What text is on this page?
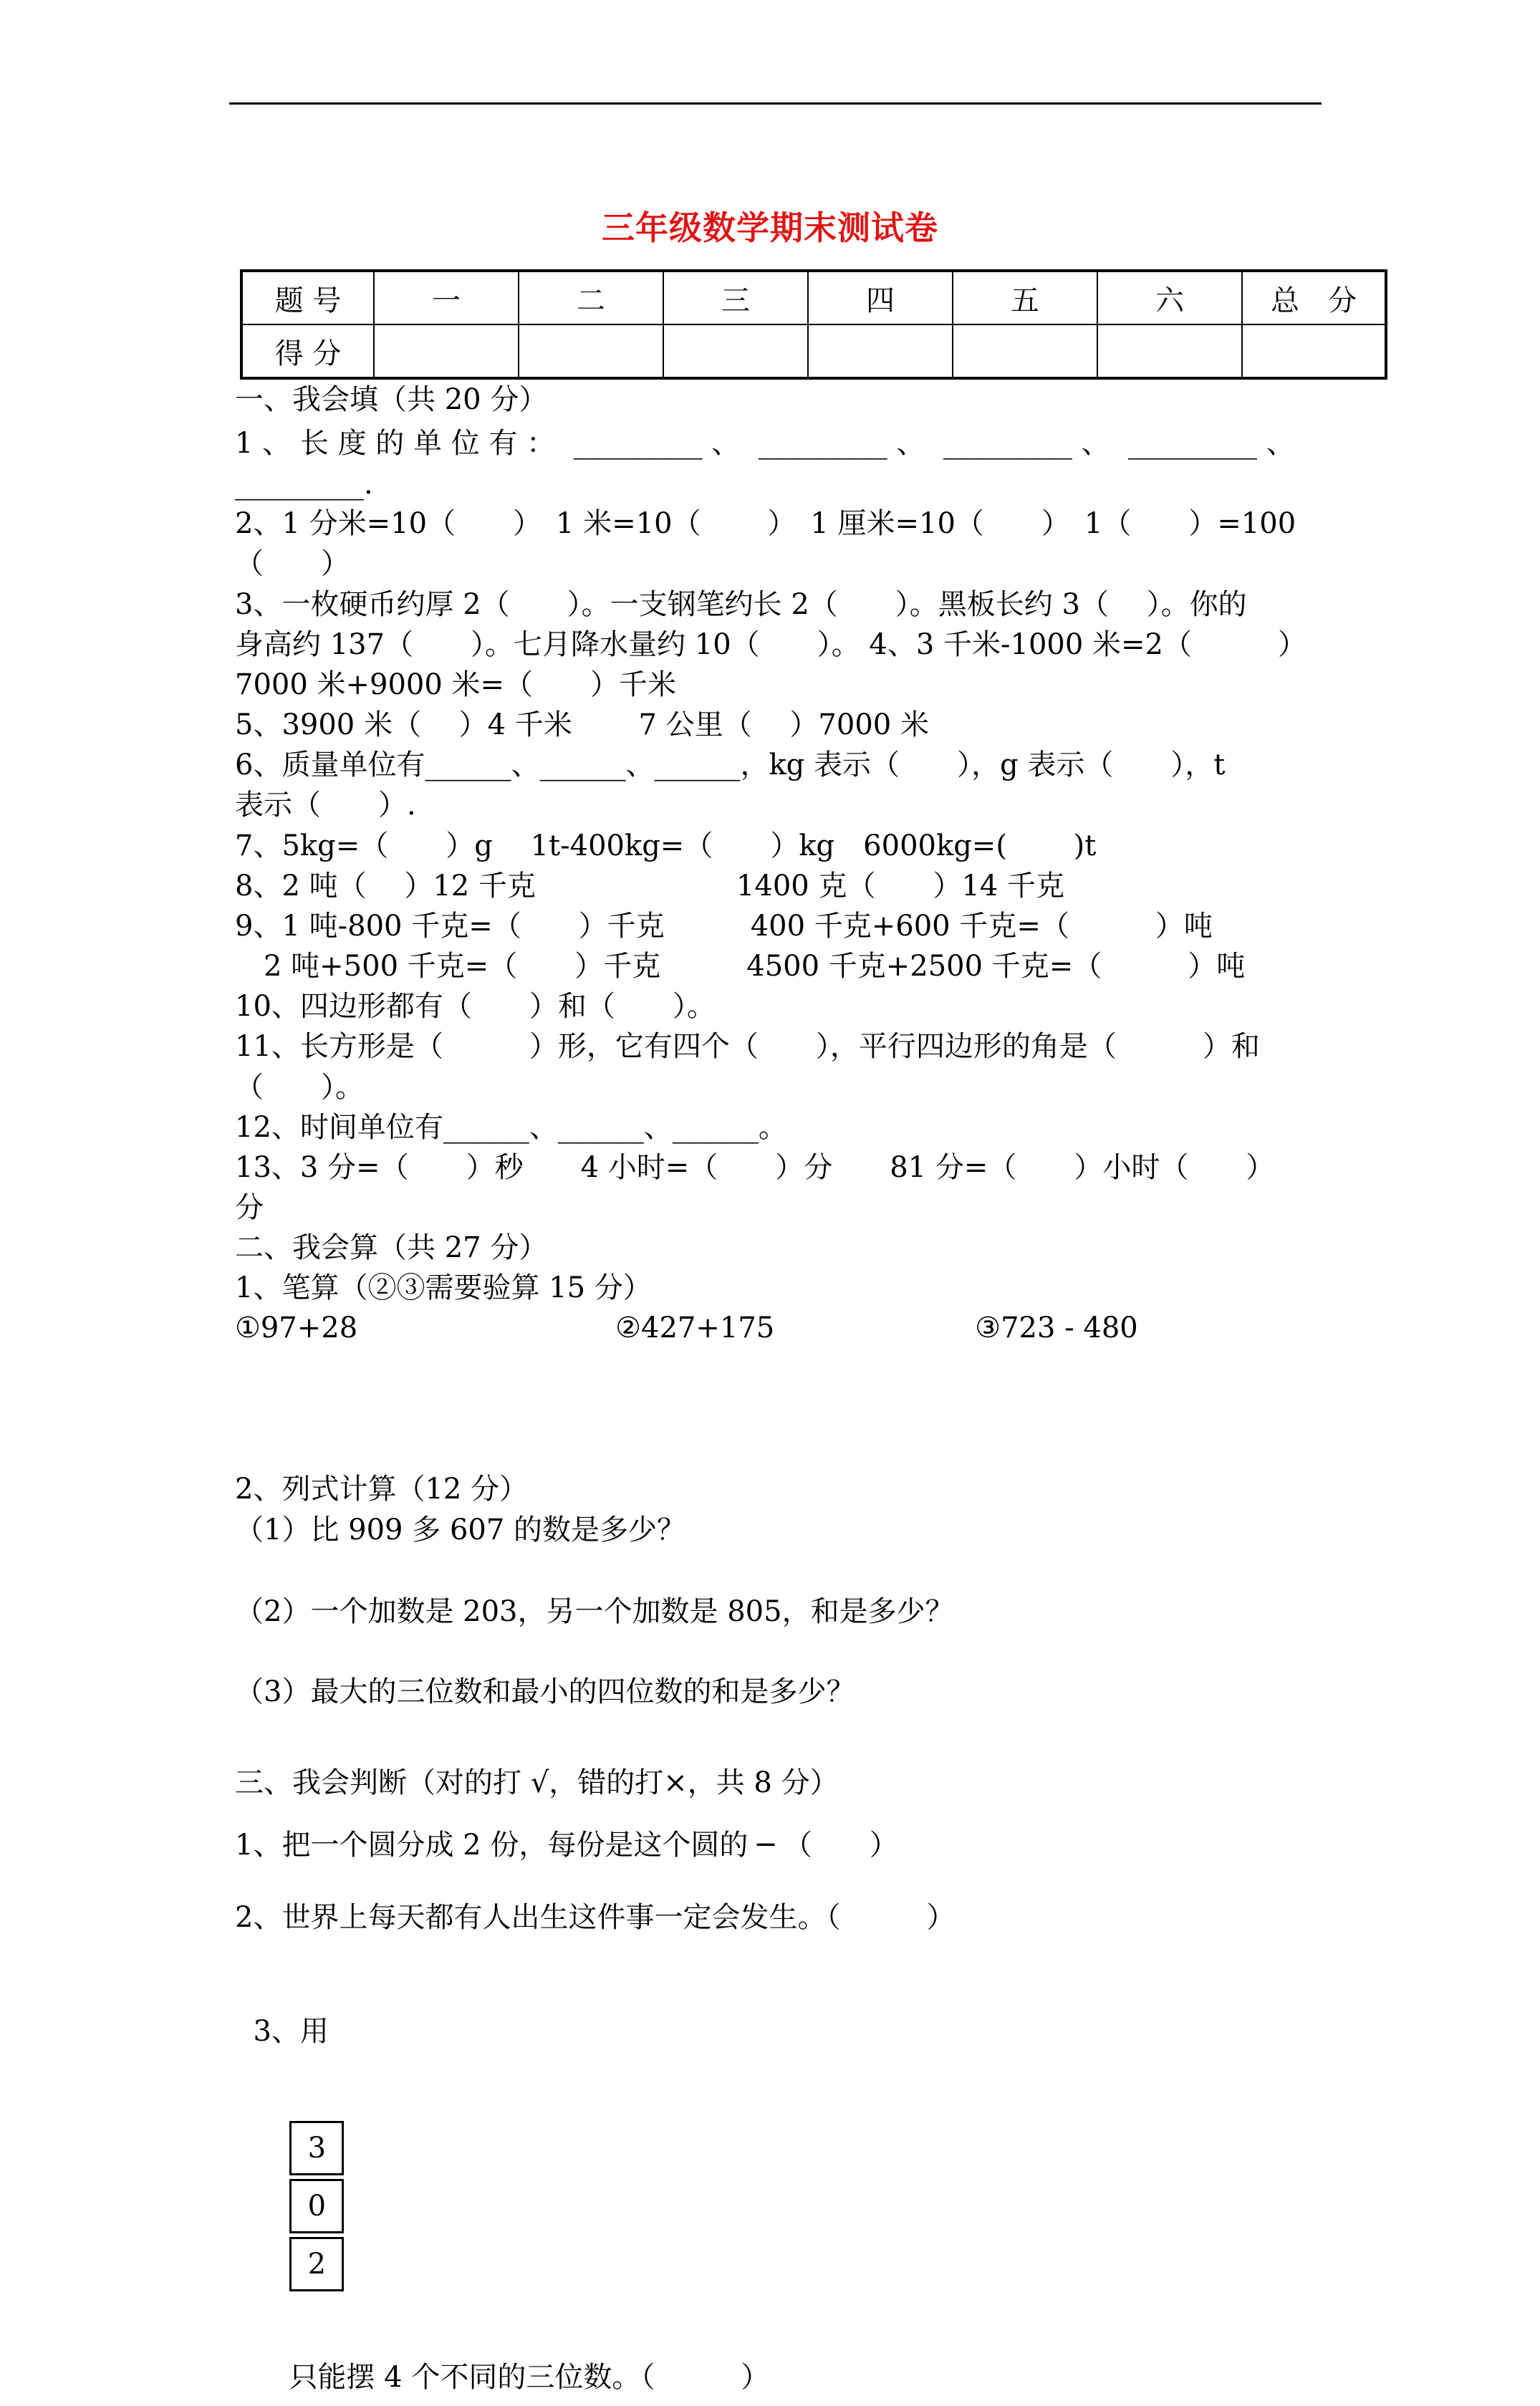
三年级数学期末测试卷
题 号	一	二	三	四	五	六	总　分
得 分							
一、我会填（共 20 分）
1 、 长 度 的 单 位 有 ：  _________ 、  _________ 、  _________ 、  _________ 、
_________.
2、1 分米=10（　　）　1 米=10（　　 ）　1 厘米=10（　　）　1（　　）=100
（　　）
3、一枚硬币约厚 2（　　）。一支钢笔约长 2（　　）。黑板长约 3（　 ）。你的
身高约 137（　　）。七月降水量约 10（　　）。 4、3 千米-1000 米=2（　　　）
7000 米+9000 米=（　　）千米
5、3900 米（　 ）4 千米　　 7 公里（　 ）7000 米
6、质量单位有______、______、______，kg 表示（　　），g 表示（　　），t
表示（　　）.
7、5kg=（　　）g　 1t-400kg=（　　）kg　6000kg=(　　 )t
8、2 吨（　 ）12 千克　　　　　　　1400 克（　　）14 千克
9、1 吨-800 千克=（　　）千克　　　400 千克+600 千克=（　　　）吨
　2 吨+500 千克=（　　）千克　　　4500 千克+2500 千克=（　　　）吨
10、四边形都有（　　）和（　　）。
11、长方形是（　　　）形，它有四个（　　），平行四边形的角是（　　　）和
（　　）。
12、时间单位有______、______、______。
13、3 分=（　　）秒　　4 小时=（　　）分　　81 分=（　　）小时（　　）
分
二、我会算（共 27 分）
1、笔算（②③需要验算 15 分）
①97+28　　　　　　　　　②427+175　　　　　　　③723 - 480
2、列式计算（12 分）
（1）比 909 多 607 的数是多少？
（2）一个加数是 203，另一个加数是 805，和是多少？
（3）最大的三位数和最小的四位数的和是多少？
三、我会判断（对的打 √，错的打×，共 8 分）
1、把一个圆分成 2 份，每份是这个圆的 ─ （　　）
2、世界上每天都有人出生这件事一定会发生。（　　　）

3、用

3
0
2

只能摆 4 个不同的三位数。（　　　）
